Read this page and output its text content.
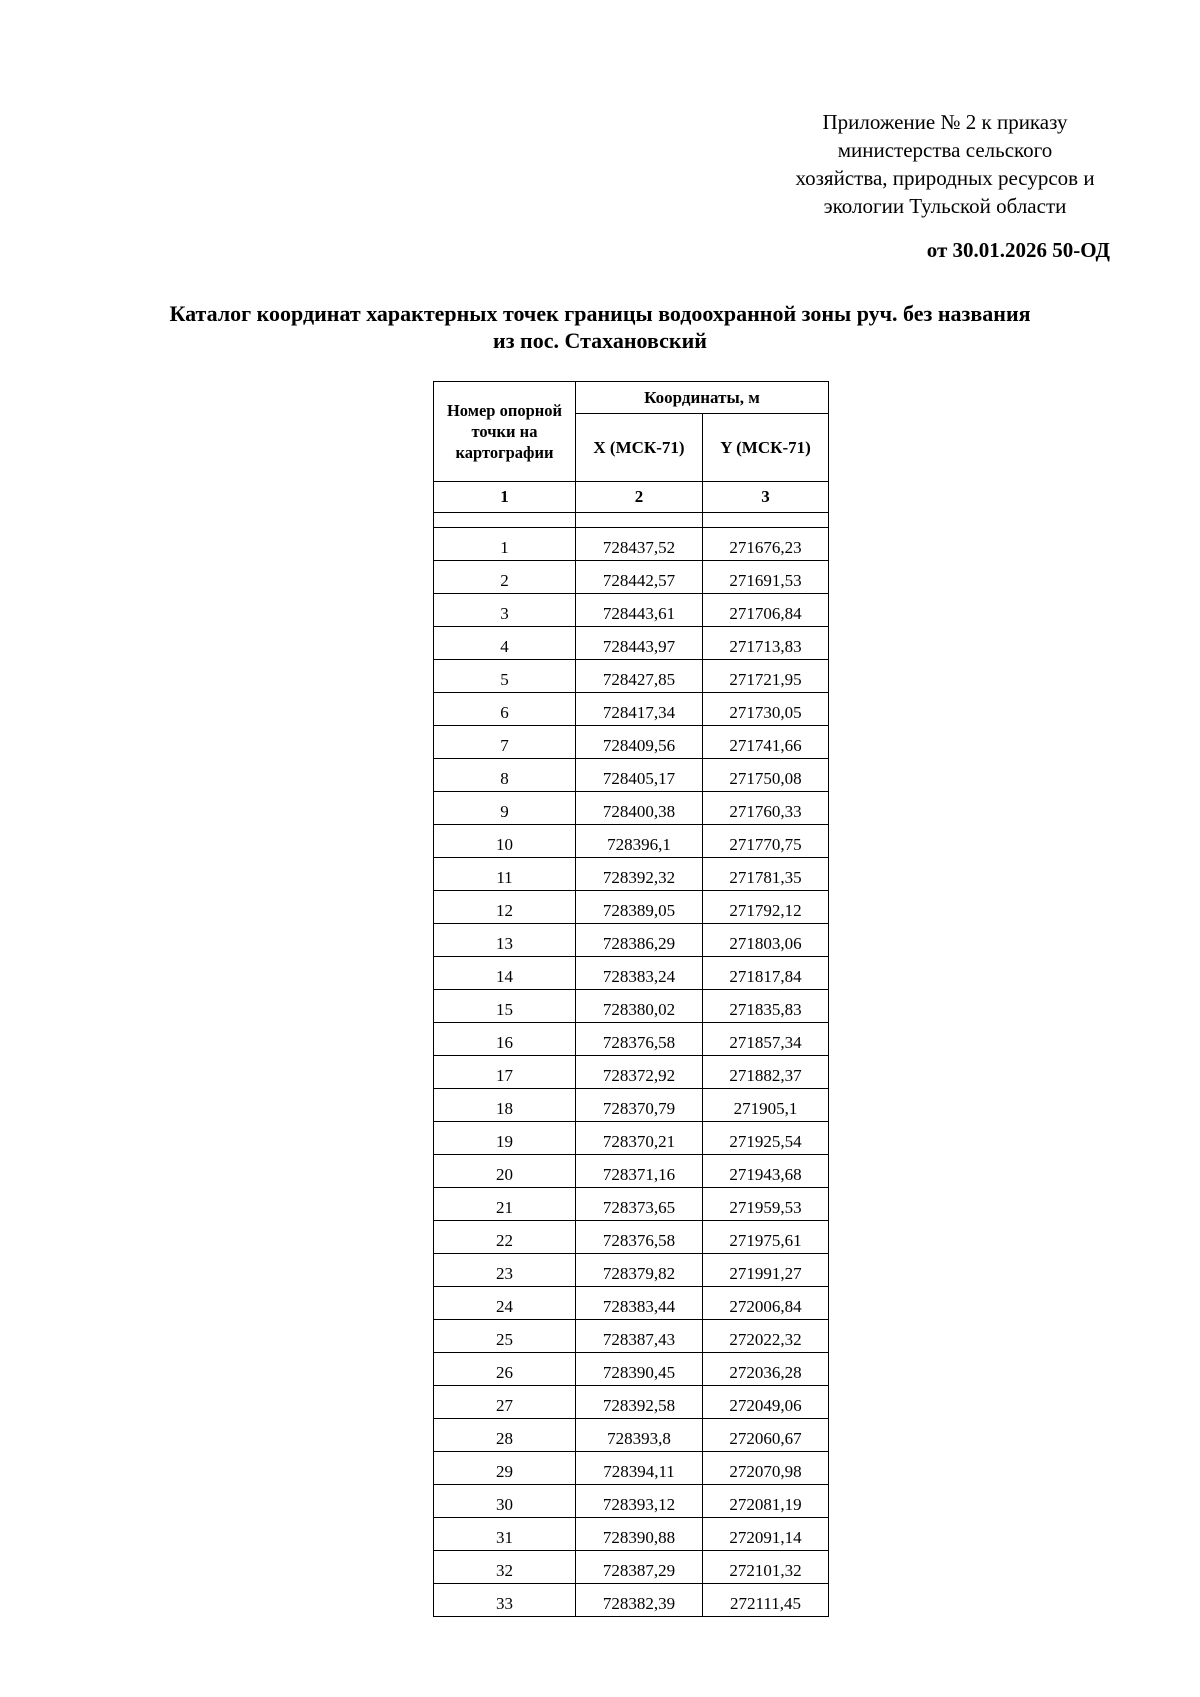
Приложение № 2 к приказу
министерства сельского
хозяйства, природных ресурсов и
экологии Тульской области
от 30.01.2026 50-ОД
Каталог координат характерных точек границы водоохранной зоны руч. без названия
из пос. Стахановский
Номер опорной точки на картографии	Координаты, м	
	X (МСК-71)	Y (МСК-71)
1	2	3

1	728437,52	271676,23
2	728442,57	271691,53
3	728443,61	271706,84
4	728443,97	271713,83
5	728427,85	271721,95
6	728417,34	271730,05
7	728409,56	271741,66
8	728405,17	271750,08
9	728400,38	271760,33
10	728396,1	271770,75
11	728392,32	271781,35
12	728389,05	271792,12
13	728386,29	271803,06
14	728383,24	271817,84
15	728380,02	271835,83
16	728376,58	271857,34
17	728372,92	271882,37
18	728370,79	271905,1
19	728370,21	271925,54
20	728371,16	271943,68
21	728373,65	271959,53
22	728376,58	271975,61
23	728379,82	271991,27
24	728383,44	272006,84
25	728387,43	272022,32
26	728390,45	272036,28
27	728392,58	272049,06
28	728393,8	272060,67
29	728394,11	272070,98
30	728393,12	272081,19
31	728390,88	272091,14
32	728387,29	272101,32
33	728382,39	272111,45
